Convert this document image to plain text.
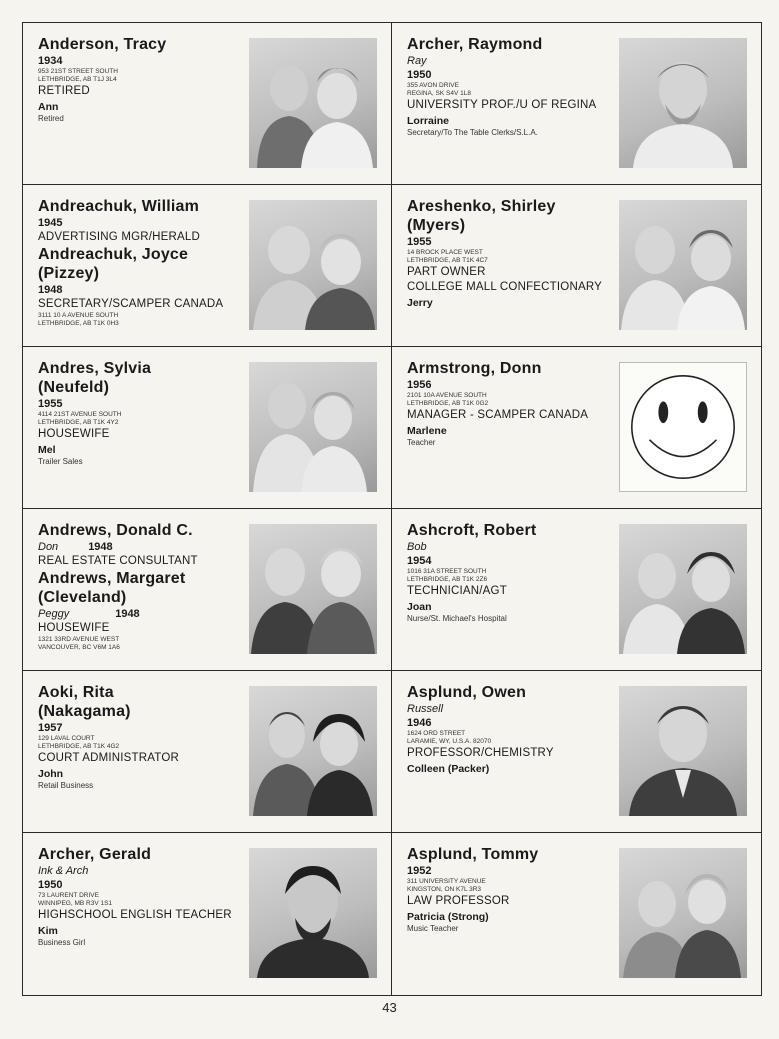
Anderson, Tracy
1934
953 21ST STREET SOUTH
LETHBRIDGE, AB T1J 3L4
RETIRED
Ann
Retired
Archer, Raymond
Ray
1950
355 AVON DRIVE
REGINA, SK S4V 1L8
UNIVERSITY PROF./U OF REGINA
Lorraine
Secretary/To The Table Clerks/S.L.A.
Andreachuk, William
1945
ADVERTISING MGR/HERALD
Andreachuk, Joyce
(Pizzey)
1948
SECRETARY/SCAMPER CANADA
3111 10 A AVENUE SOUTH
LETHBRIDGE, AB T1K 0H3
Areshenko, Shirley
(Myers)
1955
14 BROCK PLACE WEST
LETHBRIDGE, AB T1K 4C7
PART OWNER
COLLEGE MALL CONFECTIONARY
Jerry
Andres, Sylvia
(Neufeld)
1955
4114 21ST AVENUE SOUTH
LETHBRIDGE, AB T1K 4Y2
HOUSEWIFE
Mel
Trailer Sales
Armstrong, Donn
1956
2101 10A AVENUE SOUTH
LETHBRIDGE, AB T1K 0G2
MANAGER - SCAMPER CANADA
Marlene
Teacher
Andrews, Donald C.
Don	1948
REAL ESTATE CONSULTANT
Andrews, Margaret
(Cleveland)
Peggy	1948
HOUSEWIFE
1321 33RD AVENUE WEST
VANCOUVER, BC V6M 1A6
Ashcroft, Robert
Bob
1954
1016 31A STREET SOUTH
LETHBRIDGE, AB T1K 2Z6
TECHNICIAN/AGT
Joan
Nurse/St. Michael's Hospital
Aoki, Rita
(Nakagama)
1957
129 LAVAL COURT
LETHBRIDGE, AB T1K 4G2
COURT ADMINISTRATOR
John
Retail Business
Asplund, Owen
Russell
1946
1624 ORD STREET
LARAMIE, WY, U.S.A. 82070
PROFESSOR/CHEMISTRY
Colleen (Packer)
Archer, Gerald
Ink & Arch
1950
73 LAURENT DRIVE
WINNIPEG, MB R3V 1S1
HIGHSCHOOL ENGLISH TEACHER
Kim
Business Girl
Asplund, Tommy
1952
311 UNIVERSITY AVENUE
KINGSTON, ON K7L 3R3
LAW PROFESSOR
Patricia (Strong)
Music Teacher
43
